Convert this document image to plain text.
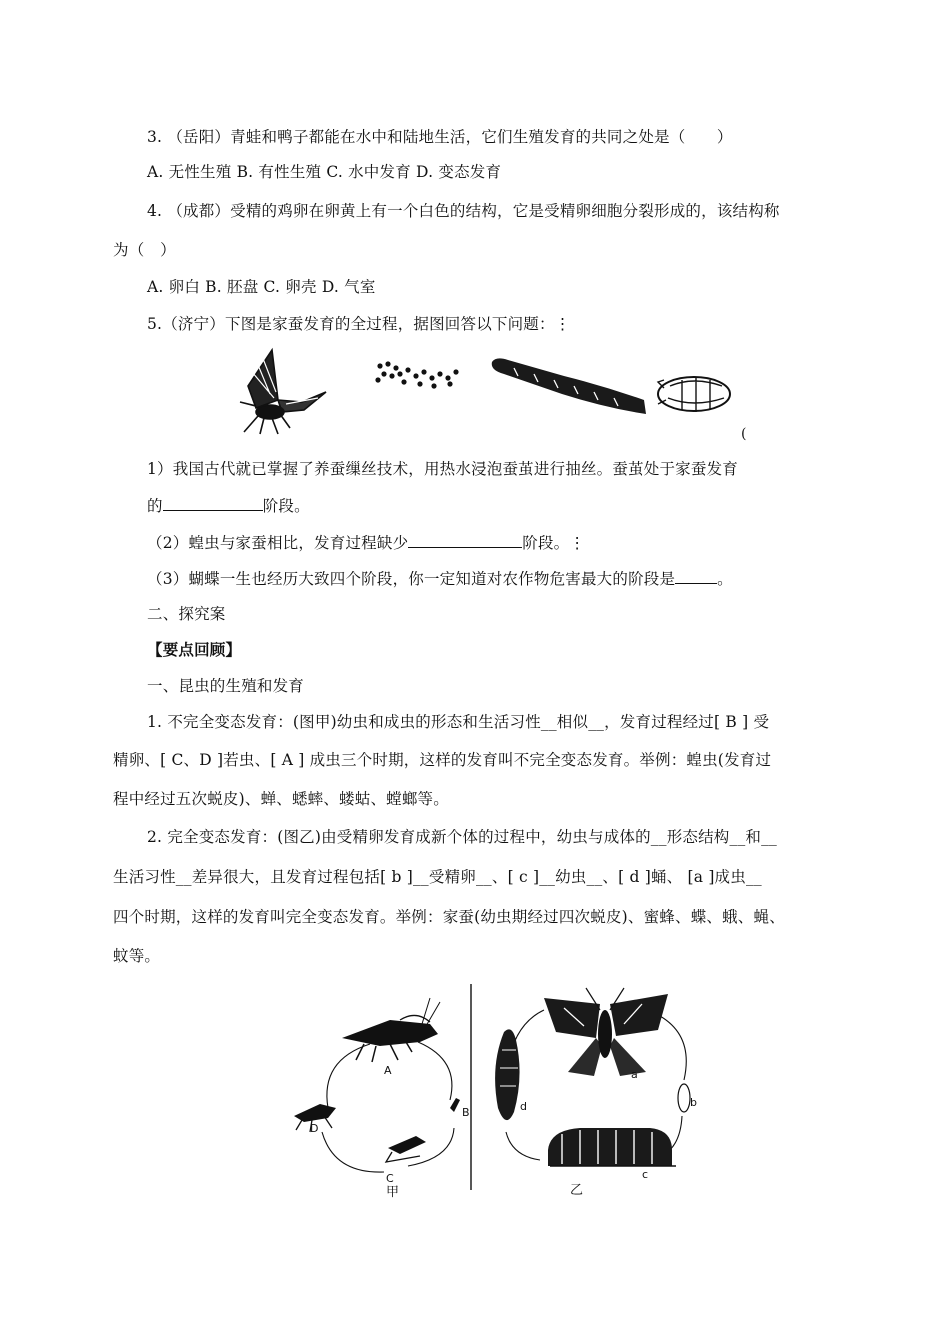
3. （岳阳）青蛙和鸭子都能在水中和陆地生活，它们生殖发育的共同之处是（　　）
A. 无性生殖 B. 有性生殖 C. 水中发育 D. 变态发育
4. （成都）受精的鸡卵在卵黄上有一个白色的结构，它是受精卵细胞分裂形成的，该结构称
为（　）
A. 卵白 B. 胚盘 C. 卵壳 D. 气室
5.（济宁）下图是家蚕发育的全过程，据图回答以下问题：⋮
(
1）我国古代就已掌握了养蚕缫丝技术，用热水浸泡蚕茧进行抽丝。蚕茧处于家蚕发育
的	阶段。
（2）蝗虫与家蚕相比，发育过程缺少	阶段。⋮
（3）蝴蝶一生也经历大致四个阶段，你一定知道对农作物危害最大的阶段是	。
二、探究案
【要点回顾】
一、昆虫的生殖和发育
1. 不完全变态发育：(图甲)幼虫和成虫的形态和生活习性__相似__，发育过程经过[ B ] 受
精卵、[ C、D ]若虫、[ A ] 成虫三个时期，这样的发育叫不完全变态发育。举例：蝗虫(发育过
程中经过五次蜕皮)、蝉、蟋蟀、蝼蛄、螳螂等。
2. 完全变态发育：(图乙)由受精卵发育成新个体的过程中，幼虫与成体的__形态结构__和__
生活习性__差异很大，且发育过程包括[ b ]__受精卵__、[ c ]__幼虫__、[ d ]蛹、 [a ]成虫__
四个时期，这样的发育叫完全变态发育。举例：家蚕(幼虫期经过四次蜕皮)、蜜蜂、蝶、蛾、蝇、
蚊等。
A
B
C
D
甲
a
b
c
d
乙
